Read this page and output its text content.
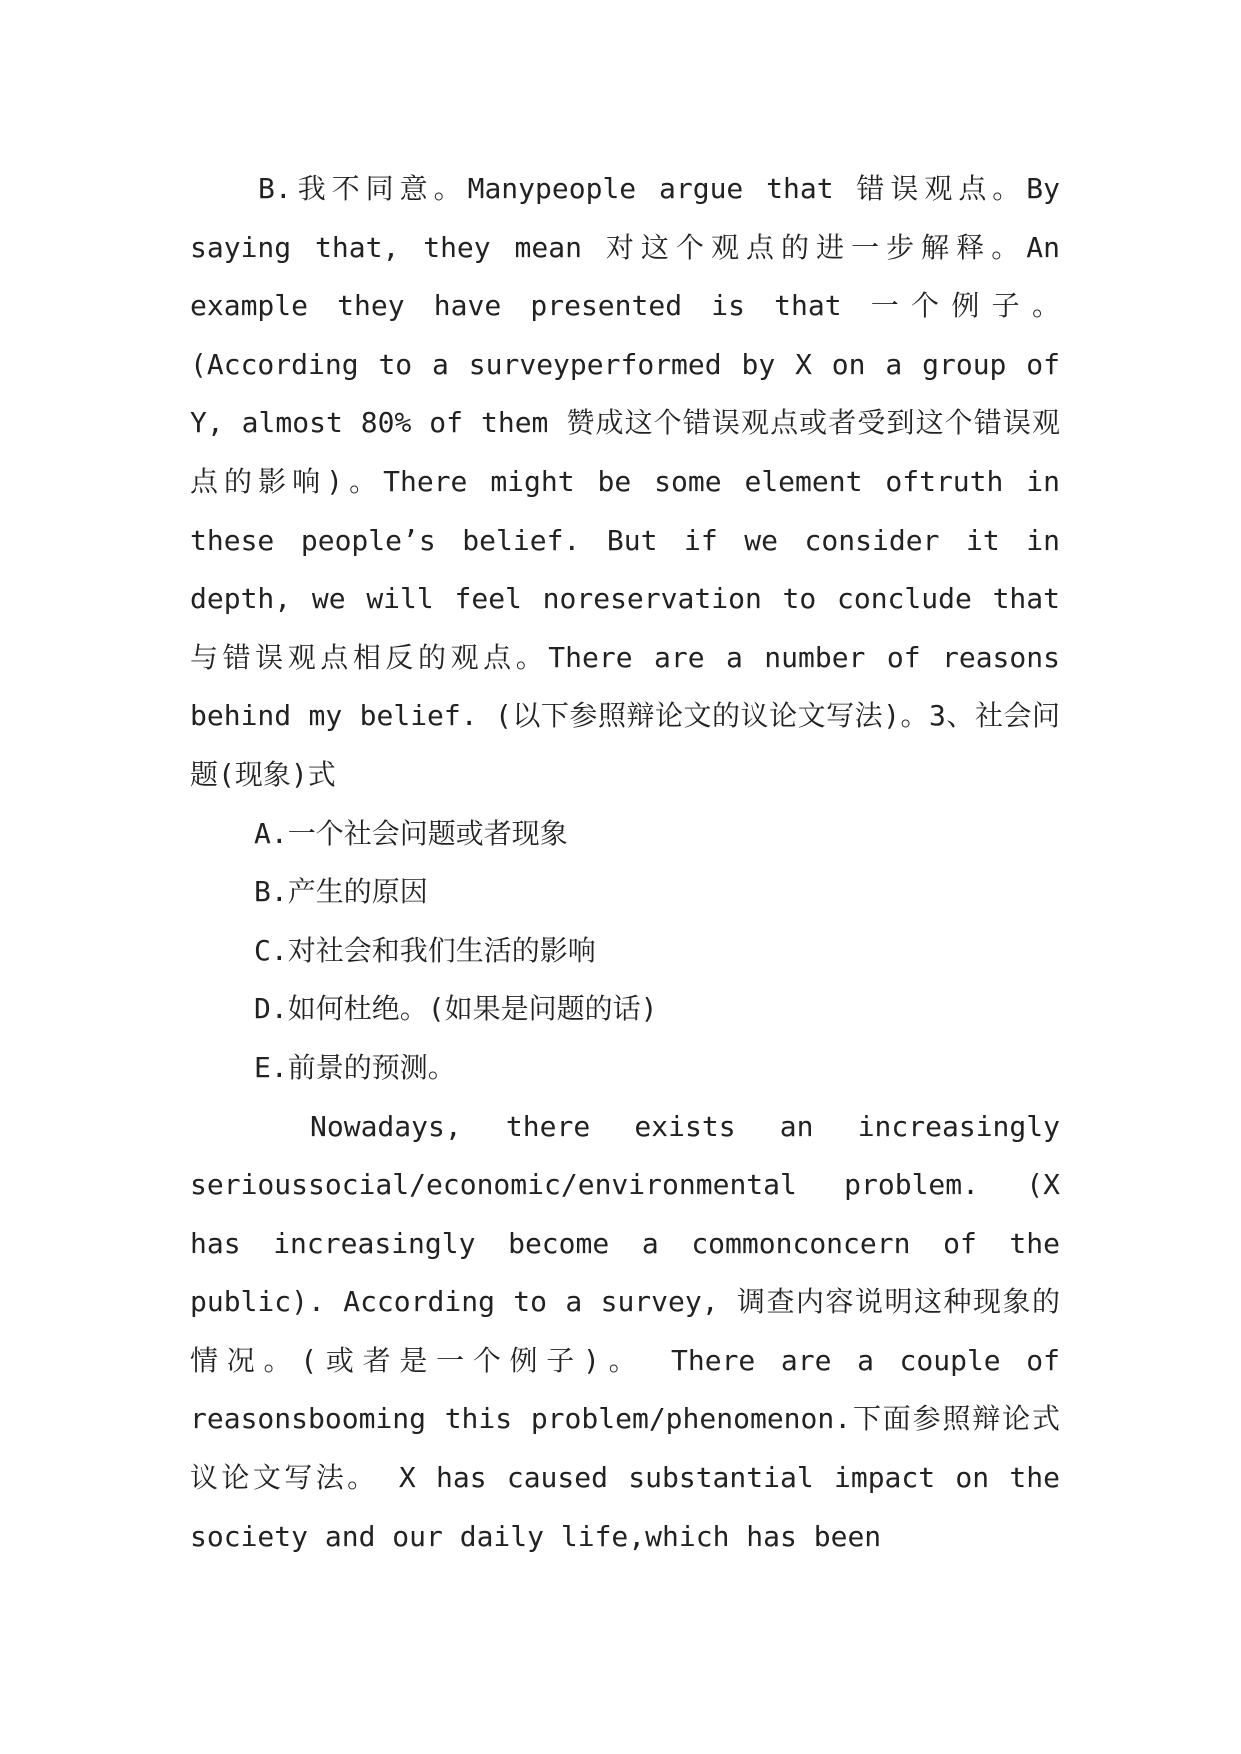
B.我不同意。Manypeople argue that 错误观点。By saying that, they mean 对这个观点的进一步解释。An example they have presented is that 一个例子。(According to a surveyperformed by X on a group of Y, almost 80% of them 赞成这个错误观点或者受到这个错误观点的影响)。There might be some element oftruth in these people’s belief. But if we consider it in depth, we will feel noreservation to conclude that 与错误观点相反的观点。There are a number of reasons behind my belief. (以下参照辩论文的议论文写法)。3、社会问题(现象)式

A.一个社会问题或者现象

B.产生的原因

C.对社会和我们生活的影响

D.如何杜绝。(如果是问题的话)

E.前景的预测。

Nowadays, there exists an increasingly serioussocial/economic/environmental problem. (X has increasingly become a commonconcern of the public). According to a survey, 调查内容说明这种现象的情况。(或者是一个例子)。 There are a couple of reasonsbooming this problem/phenomenon.下面参照辩论式议论文写法。 X has caused substantial impact on the society and our daily life,which has been
